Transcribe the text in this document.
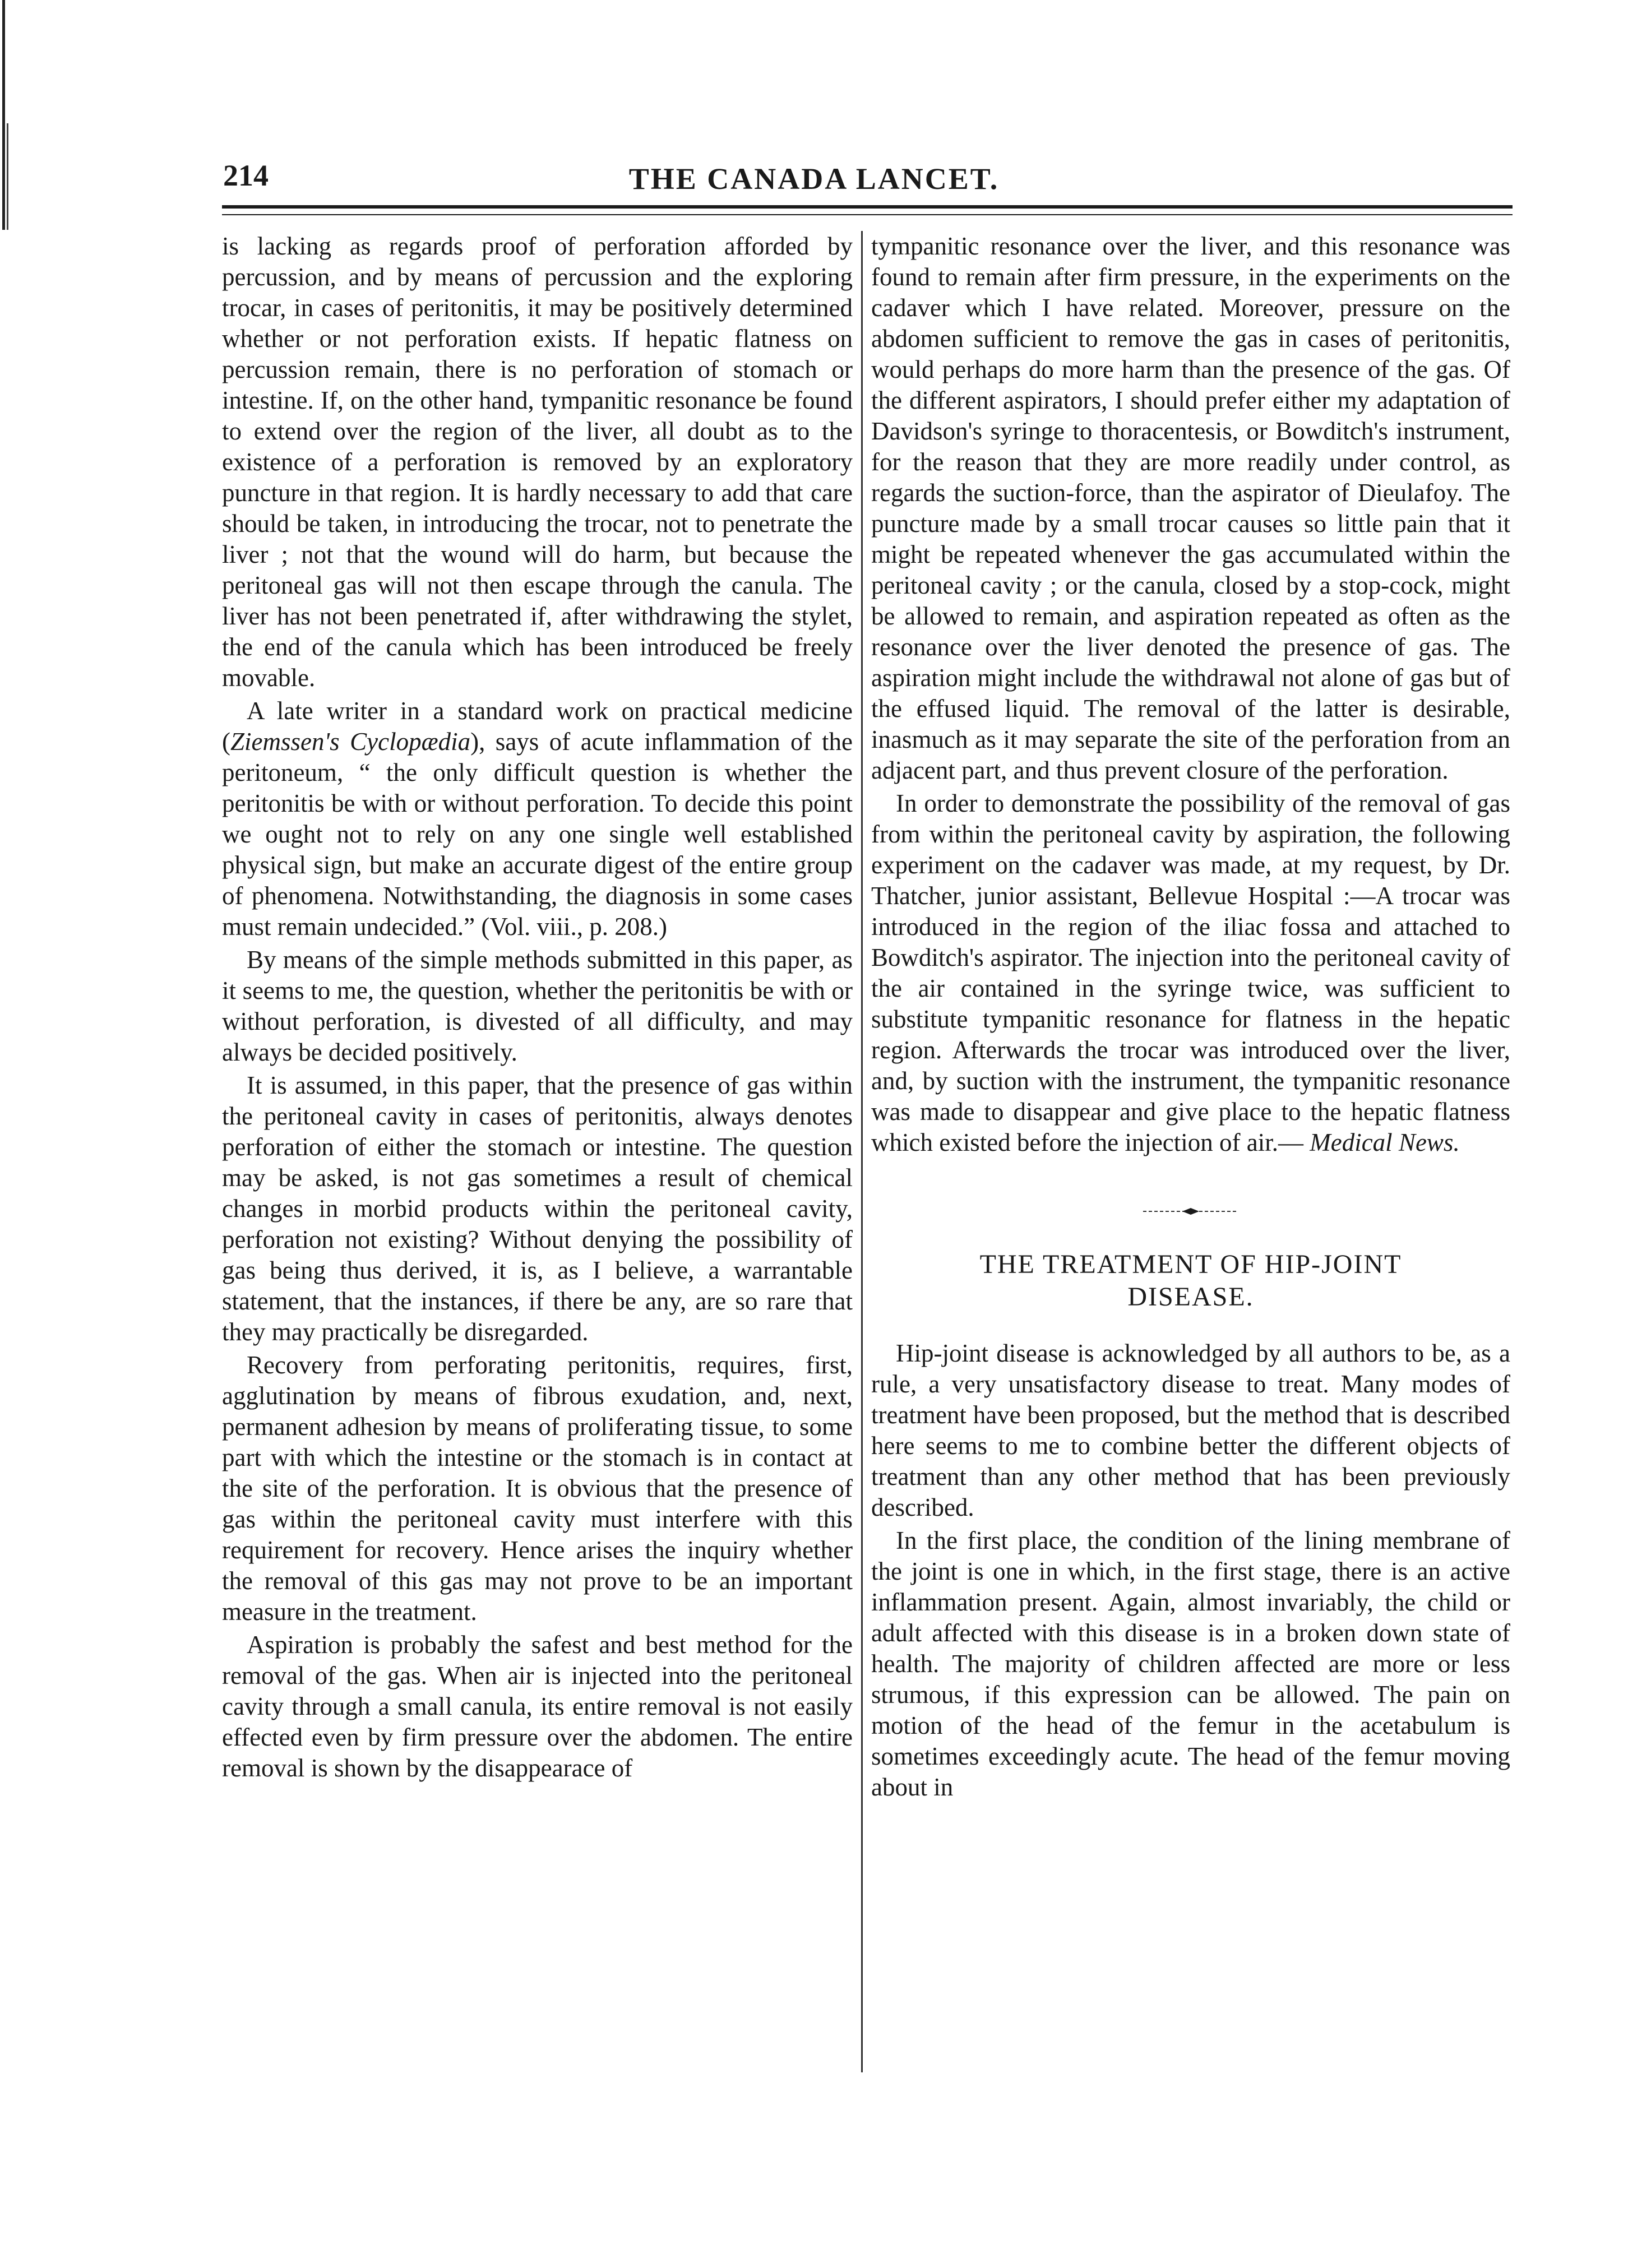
214	THE CANADA LANCET.

is lacking as regards proof of perforation afforded by percussion, and by means of percussion and the exploring trocar, in cases of peritonitis, it may be positively determined whether or not perforation exists. If hepatic flatness on percussion remain, there is no perforation of stomach or intestine. If, on the other hand, tympanitic resonance be found to extend over the region of the liver, all doubt as to the existence of a perforation is removed by an exploratory puncture in that region. It is hardly necessary to add that care should be taken, in introducing the trocar, not to penetrate the liver ; not that the wound will do harm, but because the peritoneal gas will not then escape through the canula. The liver has not been penetrated if, after withdrawing the stylet, the end of the canula which has been introduced be freely movable.

A late writer in a standard work on practical medicine (Ziemssen's Cyclopædia), says of acute inflammation of the peritoneum, “ the only difficult question is whether the peritonitis be with or without perforation. To decide this point we ought not to rely on any one single well established physical sign, but make an accurate digest of the entire group of phenomena. Notwithstanding, the diagnosis in some cases must remain undecided.” (Vol. viii., p. 208.)

By means of the simple methods submitted in this paper, as it seems to me, the question, whether the peritonitis be with or without perforation, is divested of all difficulty, and may always be decided positively.

It is assumed, in this paper, that the presence of gas within the peritoneal cavity in cases of peritonitis, always denotes perforation of either the stomach or intestine. The question may be asked, is not gas sometimes a result of chemical changes in morbid products within the peritoneal cavity, perforation not existing? Without denying the possibility of gas being thus derived, it is, as I believe, a warrantable statement, that the instances, if there be any, are so rare that they may practically be disregarded.

Recovery from perforating peritonitis, requires, first, agglutination by means of fibrous exudation, and, next, permanent adhesion by means of proliferating tissue, to some part with which the intestine or the stomach is in contact at the site of the perforation. It is obvious that the presence of gas within the peritoneal cavity must interfere with this requirement for recovery. Hence arises the inquiry whether the removal of this gas may not prove to be an important measure in the treatment.

Aspiration is probably the safest and best method for the removal of the gas. When air is injected into the peritoneal cavity through a small canula, its entire removal is not easily effected even by firm pressure over the abdomen. The entire removal is shown by the disappearace of

tympanitic resonance over the liver, and this resonance was found to remain after firm pressure, in the experiments on the cadaver which I have related. Moreover, pressure on the abdomen sufficient to remove the gas in cases of peritonitis, would perhaps do more harm than the presence of the gas. Of the different aspirators, I should prefer either my adaptation of Davidson's syringe to thoracentesis, or Bowditch's instrument, for the reason that they are more readily under control, as regards the suction-force, than the aspirator of Dieulafoy. The puncture made by a small trocar causes so little pain that it might be repeated whenever the gas accumulated within the peritoneal cavity ; or the canula, closed by a stop-cock, might be allowed to remain, and aspiration repeated as often as the resonance over the liver denoted the presence of gas. The aspiration might include the withdrawal not alone of gas but of the effused liquid. The removal of the latter is desirable, inasmuch as it may separate the site of the perforation from an adjacent part, and thus prevent closure of the perforation.

In order to demonstrate the possibility of the removal of gas from within the peritoneal cavity by aspiration, the following experiment on the cadaver was made, at my request, by Dr. Thatcher, junior assistant, Bellevue Hospital :—A trocar was introduced in the region of the iliac fossa and attached to Bowditch's aspirator. The injection into the peritoneal cavity of the air contained in the syringe twice, was sufficient to substitute tympanitic resonance for flatness in the hepatic region. Afterwards the trocar was introduced over the liver, and, by suction with the instrument, the tympanitic resonance was made to disappear and give place to the hepatic flatness which existed before the injection of air.— Medical News.

THE TREATMENT OF HIP-JOINT
DISEASE.

Hip-joint disease is acknowledged by all authors to be, as a rule, a very unsatisfactory disease to treat. Many modes of treatment have been proposed, but the method that is described here seems to me to combine better the different objects of treatment than any other method that has been previously described.

In the first place, the condition of the lining membrane of the joint is one in which, in the first stage, there is an active inflammation present. Again, almost invariably, the child or adult affected with this disease is in a broken down state of health. The majority of children affected are more or less strumous, if this expression can be allowed. The pain on motion of the head of the femur in the acetabulum is sometimes exceedingly acute. The head of the femur moving about in
